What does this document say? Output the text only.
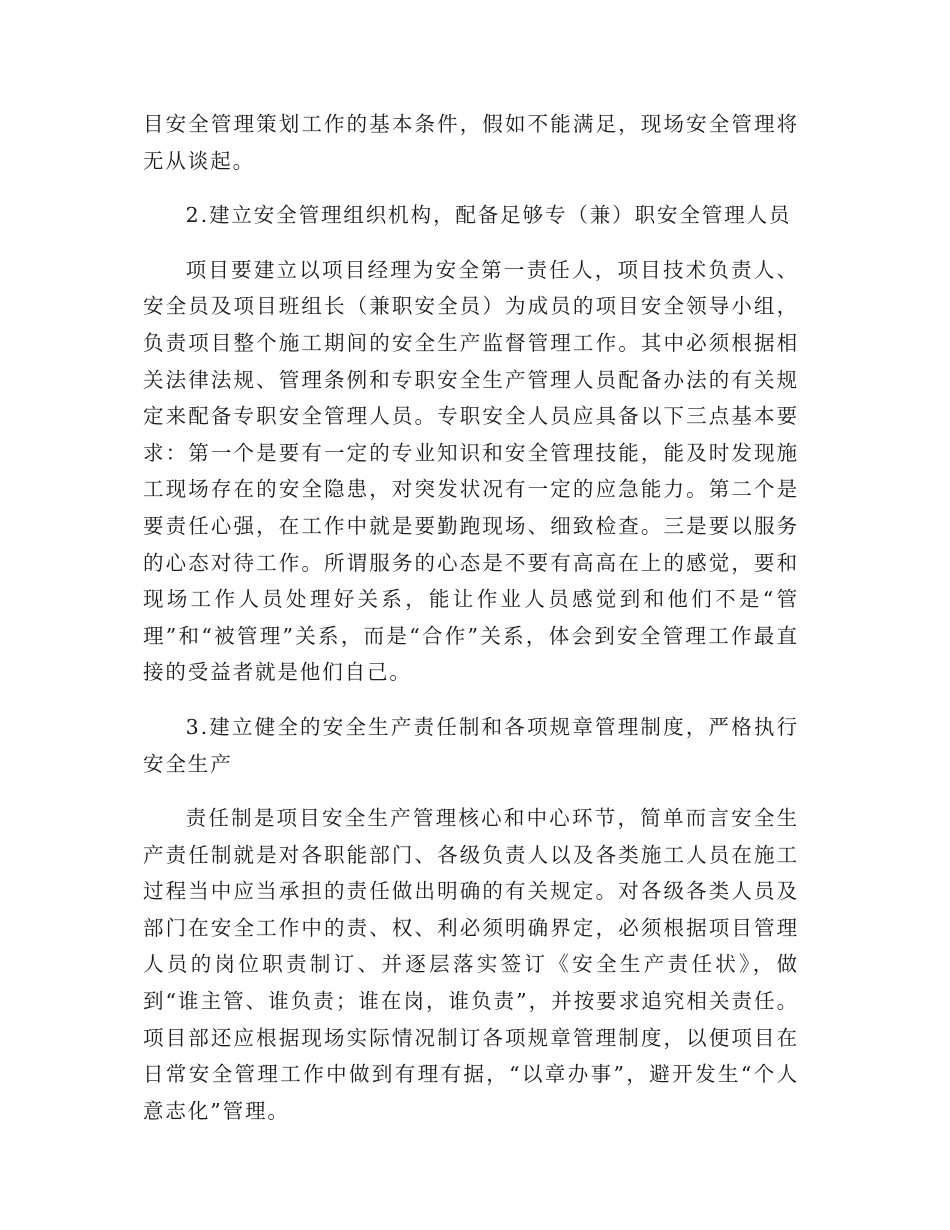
目安全管理策划工作的基本条件，假如不能满足，现场安全管理将无从谈起。

2.建立安全管理组织机构，配备足够专（兼）职安全管理人员

项目要建立以项目经理为安全第一责任人，项目技术负责人、安全员及项目班组长（兼职安全员）为成员的项目安全领导小组，负责项目整个施工期间的安全生产监督管理工作。其中必须根据相关法律法规、管理条例和专职安全生产管理人员配备办法的有关规定来配备专职安全管理人员。专职安全人员应具备以下三点基本要求：第一个是要有一定的专业知识和安全管理技能，能及时发现施工现场存在的安全隐患，对突发状况有一定的应急能力。第二个是要责任心强，在工作中就是要勤跑现场、细致检查。三是要以服务的心态对待工作。所谓服务的心态是不要有高高在上的感觉，要和现场工作人员处理好关系，能让作业人员感觉到和他们不是“管理”和“被管理”关系，而是“合作”关系，体会到安全管理工作最直接的受益者就是他们自己。

3.建立健全的安全生产责任制和各项规章管理制度，严格执行安全生产

责任制是项目安全生产管理核心和中心环节，简单而言安全生产责任制就是对各职能部门、各级负责人以及各类施工人员在施工过程当中应当承担的责任做出明确的有关规定。对各级各类人员及部门在安全工作中的责、权、利必须明确界定，必须根据项目管理人员的岗位职责制订、并逐层落实签订《安全生产责任状》，做到“谁主管、谁负责；谁在岗，谁负责”，并按要求追究相关责任。项目部还应根据现场实际情况制订各项规章管理制度，以便项目在日常安全管理工作中做到有理有据，“以章办事”，避开发生“个人意志化”管理。
